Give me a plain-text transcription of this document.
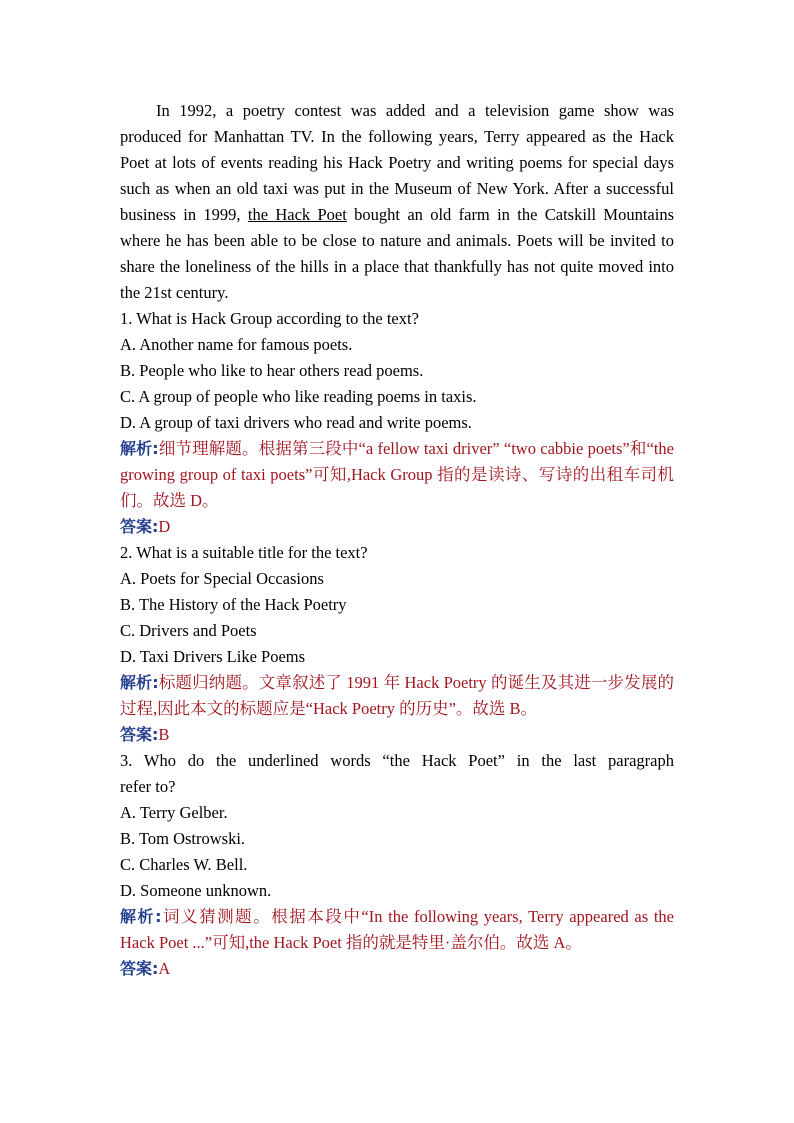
In 1992, a poetry contest was added and a television game show was produced for Manhattan TV. In the following years, Terry appeared as the Hack Poet at lots of events reading his Hack Poetry and writing poems for special days such as when an old taxi was put in the Museum of New York. After a successful business in 1999, the Hack Poet bought an old farm in the Catskill Mountains where he has been able to be close to nature and animals. Poets will be invited to share the loneliness of the hills in a place that thankfully has not quite moved into the 21st century.

1. What is Hack Group according to the text?

A. Another name for famous poets.

B. People who like to hear others read poems.

C. A group of people who like reading poems in taxis.

D. A group of taxi drivers who read and write poems.

解析:细节理解题。根据第三段中“a fellow taxi driver” “two cabbie poets”和“the growing group of taxi poets”可知,Hack Group 指的是读诗、写诗的出租车司机们。故选 D。

答案:D

2. What is a suitable title for the text?

A. Poets for Special Occasions

B. The History of the Hack Poetry

C. Drivers and Poets

D. Taxi Drivers Like Poems

解析:标题归纳题。文章叙述了 1991 年 Hack Poetry 的诞生及其进一步发展的过程,因此本文的标题应是“Hack Poetry 的历史”。故选 B。

答案:B

3. Who do the underlined words “the Hack Poet” in the last paragraph

refer to?

A. Terry Gelber.

B. Tom Ostrowski.

C. Charles W. Bell.

D. Someone unknown.

解析:词义猜测题。根据本段中“In the following years, Terry appeared as the Hack Poet ...”可知,the Hack Poet 指的就是特里·盖尔伯。故选 A。

答案:A
